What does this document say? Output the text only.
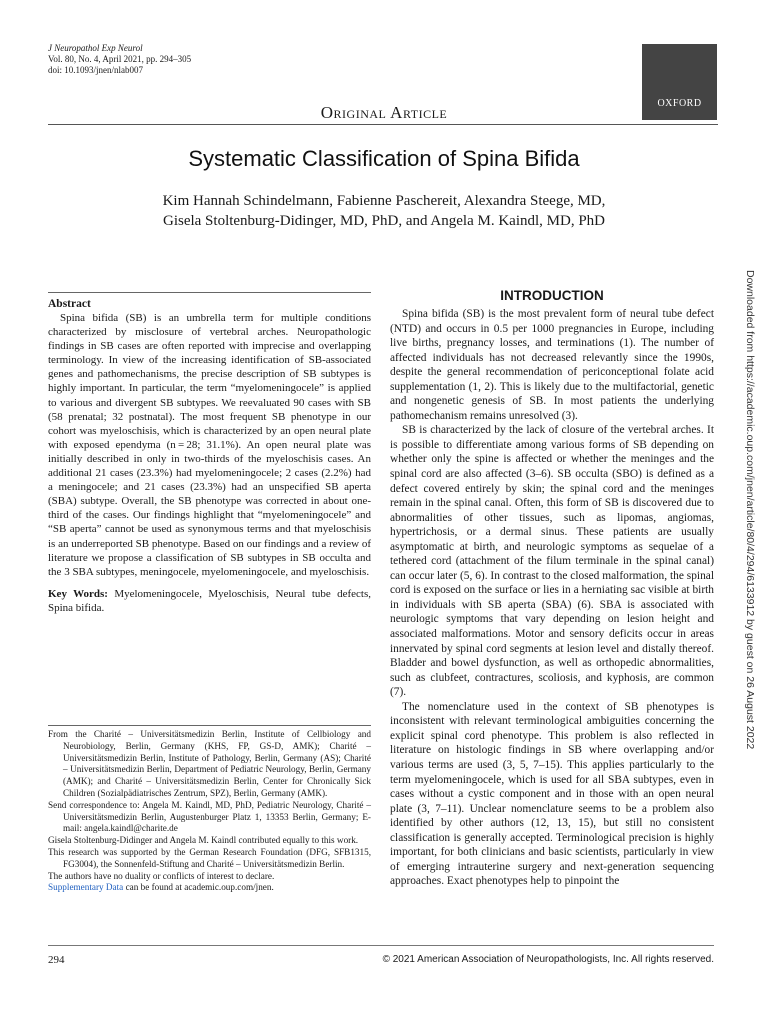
J Neuropathol Exp Neurol
Vol. 80, No. 4, April 2021, pp. 294–305
doi: 10.1093/jnen/nlab007
OXFORD
Original Article
Systematic Classification of Spina Bifida
Kim Hannah Schindelmann, Fabienne Paschereit, Alexandra Steege, MD,
Gisela Stoltenburg-Didinger, MD, PhD, and Angela M. Kaindl, MD, PhD
Downloaded from https://academic.oup.com/jnen/article/80/4/294/6133912 by guest on 26 August 2022
Abstract

Spina bifida (SB) is an umbrella term for multiple conditions characterized by misclosure of vertebral arches. Neuropathologic findings in SB cases are often reported with imprecise and overlapping terminology. In view of the increasing identification of SB-associated genes and pathomechanisms, the precise description of SB subtypes is highly important. In particular, the term “myelomeningocele” is applied to various and divergent SB subtypes. We reevaluated 90 cases with SB (58 prenatal; 32 postnatal). The most frequent SB phenotype in our cohort was myeloschisis, which is characterized by an open neural plate with exposed ependyma (n = 28; 31.1%). An open neural plate was initially described in only in two-thirds of the myeloschisis cases. An additional 21 cases (23.3%) had myelomeningocele; 2 cases (2.2%) had a meningocele; and 21 cases (23.3%) had an unspecified SB aperta (SBA) subtype. Overall, the SB phenotype was corrected in about one-third of the cases. Our findings highlight that “myelomeningocele” and “SB aperta” cannot be used as synonymous terms and that myeloschisis is an underreported SB phenotype. Based on our findings and a review of literature we propose a classification of SB subtypes in SB occulta and the 3 SBA subtypes, meningocele, myelomeningocele, and myeloschisis.

Key Words: Myelomeningocele, Myeloschisis, Neural tube defects, Spina bifida.

From the Charité – Universitätsmedizin Berlin, Institute of Cellbiology and Neurobiology, Berlin, Germany (KHS, FP, GS-D, AMK); Charité – Universitätsmedizin Berlin, Institute of Pathology, Berlin, Germany (AS); Charité – Universitätsmedizin Berlin, Department of Pediatric Neurology, Berlin, Germany (AMK); and Charité – Universitätsmedizin Berlin, Center for Chronically Sick Children (Sozialpädiatrisches Zentrum, SPZ), Berlin, Germany (AMK).

Send correspondence to: Angela M. Kaindl, MD, PhD, Pediatric Neurology, Charité – Universitätsmedizin Berlin, Augustenburger Platz 1, 13353 Berlin, Germany; E-mail: angela.kaindl@charite.de

Gisela Stoltenburg-Didinger and Angela M. Kaindl contributed equally to this work.

This research was supported by the German Research Foundation (DFG, SFB1315, FG3004), the Sonnenfeld-Stiftung and Charité – Universitätsmedizin Berlin.

The authors have no duality or conflicts of interest to declare.

Supplementary Data can be found at academic.oup.com/jnen.

INTRODUCTION

Spina bifida (SB) is the most prevalent form of neural tube defect (NTD) and occurs in 0.5 per 1000 pregnancies in Europe, including live births, pregnancy losses, and terminations (1). The number of affected individuals has not decreased relevantly since the 1990s, despite the general recommendation of periconceptional folate acid supplementation (1, 2). This is likely due to the multifactorial, genetic and nongenetic genesis of SB. In most patients the underlying pathomechanism remains unresolved (3).

SB is characterized by the lack of closure of the vertebral arches. It is possible to differentiate among various forms of SB depending on whether only the spine is affected or whether the meninges and the spinal cord are also affected (3–6). SB occulta (SBO) is defined as a defect covered entirely by skin; the spinal cord and the meninges remain in the spinal canal. Often, this form of SB is discovered due to abnormalities of other tissues, such as lipomas, angiomas, hypertrichosis, or a dermal sinus. These patients are usually asymptomatic at birth, and neurologic symptoms as sequelae of a tethered cord (attachment of the filum terminale in the spinal canal) can occur later (5, 6). In contrast to the closed malformation, the spinal cord is exposed on the surface or lies in a herniating sac visible at birth in individuals with SB aperta (SBA) (6). SBA is associated with neurologic symptoms that vary depending on lesion height and associated malformations. Motor and sensory deficits occur in areas innervated by spinal cord segments at lesion level and distally thereof. Bladder and bowel dysfunction, as well as orthopedic abnormalities, such as clubfeet, contractures, scoliosis, and kyphosis, are common (7).

The nomenclature used in the context of SB phenotypes is inconsistent with relevant terminological ambiguities concerning the explicit spinal cord phenotype. This problem is also reflected in literature on histologic findings in SB where overlapping and/or various terms are used (3, 5, 7–15). This applies particularly to the term myelomeningocele, which is used for all SBA subtypes, even in cases without a cystic component and in those with an open neural plate (3, 7–11). Unclear nomenclature seems to be a problem also identified by other authors (12, 13, 15), but still no consistent classification is generally accepted. Terminological precision is highly important, for both clinicians and basic scientists, particularly in view of emerging intrauterine surgery and next-generation sequencing approaches. Exact phenotypes help to pinpoint the

294	© 2021 American Association of Neuropathologists, Inc. All rights reserved.
